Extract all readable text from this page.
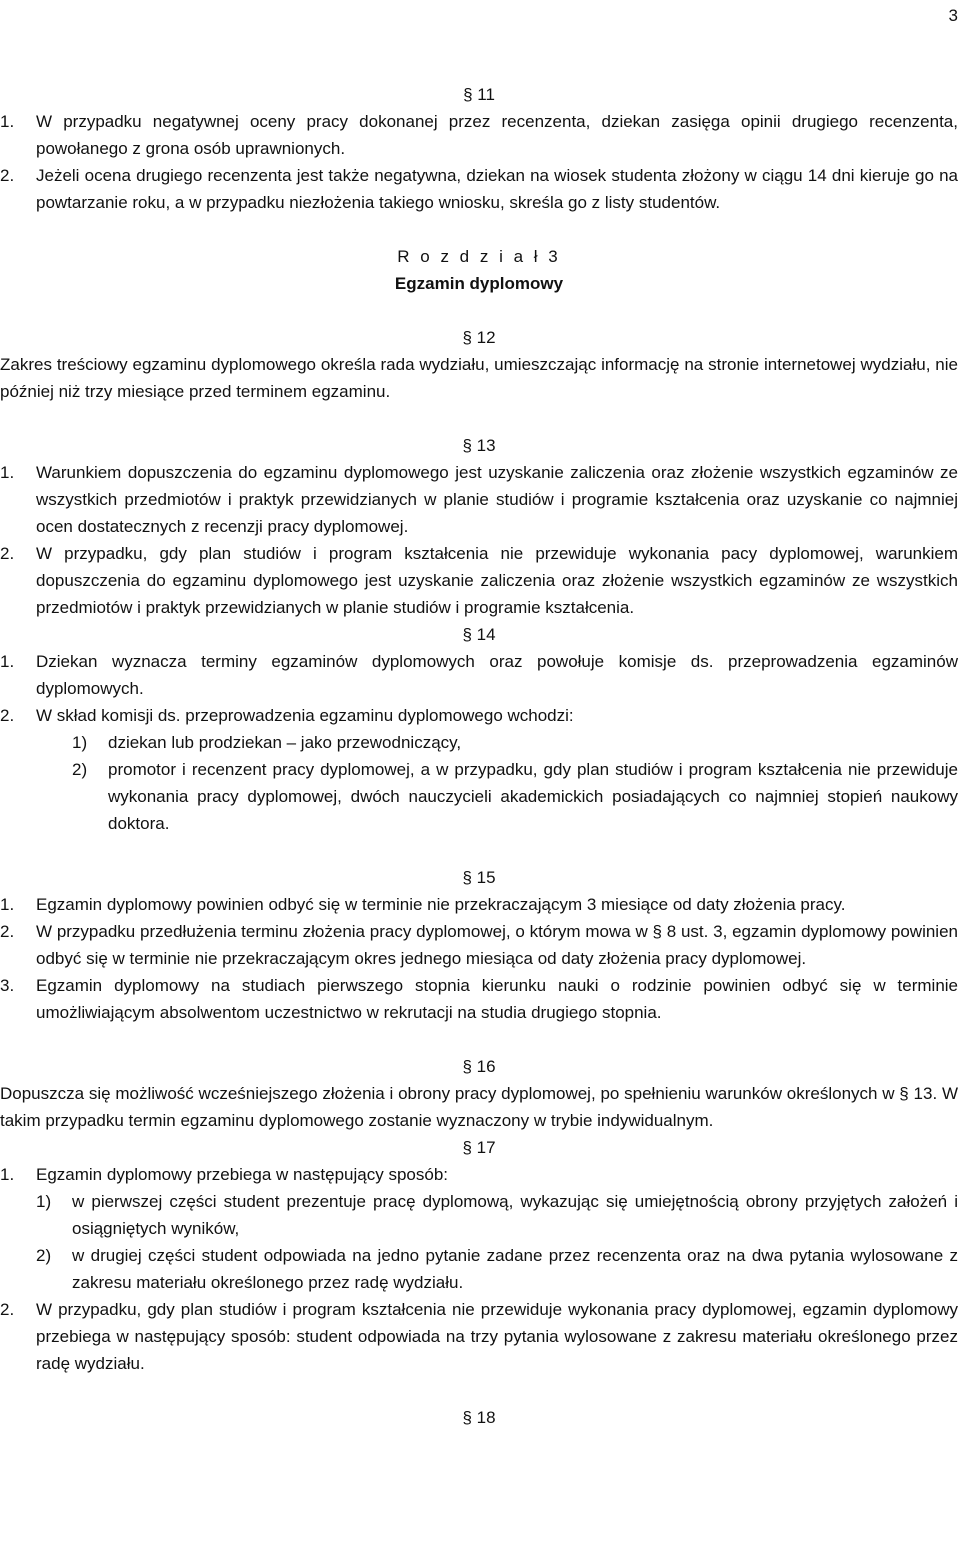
3

§ 11

1. W przypadku negatywnej oceny pracy dokonanej przez recenzenta, dziekan zasięga opinii drugiego recenzenta, powołanego z grona osób uprawnionych.
2. Jeżeli ocena drugiego recenzenta jest także negatywna, dziekan na wiosek studenta złożony w ciągu 14 dni kieruje go na powtarzanie roku, a w przypadku niezłożenia takiego wniosku, skreśla go z listy studentów.

R o z d z i a ł 3

Egzamin dyplomowy

§ 12

Zakres treściowy egzaminu dyplomowego określa rada wydziału, umieszczając informację na stronie internetowej wydziału, nie później niż trzy miesiące przed terminem egzaminu.

§ 13

1. Warunkiem dopuszczenia do egzaminu dyplomowego jest uzyskanie zaliczenia oraz złożenie wszystkich egzaminów ze wszystkich przedmiotów i praktyk przewidzianych w planie studiów i programie kształcenia oraz uzyskanie co najmniej ocen dostatecznych z recenzji pracy dyplomowej.
2. W przypadku, gdy plan studiów i program kształcenia nie przewiduje wykonania pacy dyplomowej, warunkiem dopuszczenia do egzaminu dyplomowego jest uzyskanie zaliczenia oraz złożenie wszystkich egzaminów ze wszystkich przedmiotów i praktyk przewidzianych w planie studiów i programie kształcenia.

§ 14

1. Dziekan wyznacza terminy egzaminów dyplomowych oraz powołuje komisje ds. przeprowadzenia egzaminów dyplomowych.
2. W skład komisji ds. przeprowadzenia egzaminu dyplomowego wchodzi:
1) dziekan lub prodziekan – jako przewodniczący,
2) promotor i recenzent pracy dyplomowej, a w przypadku, gdy plan studiów i program kształcenia nie przewiduje wykonania pracy dyplomowej, dwóch nauczycieli akademickich posiadających co najmniej stopień naukowy doktora.

§ 15

1. Egzamin dyplomowy powinien odbyć się w terminie nie przekraczającym 3 miesiące od daty złożenia pracy.
2. W przypadku przedłużenia terminu złożenia pracy dyplomowej, o którym mowa w § 8 ust. 3, egzamin dyplomowy powinien odbyć się w terminie nie przekraczającym okres jednego miesiąca od daty złożenia pracy dyplomowej.
3. Egzamin dyplomowy na studiach pierwszego stopnia kierunku nauki o rodzinie powinien odbyć się w terminie umożliwiającym absolwentom uczestnictwo w rekrutacji na studia drugiego stopnia.

§ 16

Dopuszcza się możliwość wcześniejszego złożenia i obrony pracy dyplomowej, po spełnieniu warunków określonych w § 13. W takim przypadku termin egzaminu dyplomowego zostanie wyznaczony w trybie indywidualnym.

§ 17

1. Egzamin dyplomowy przebiega w następujący sposób:
1) w pierwszej części student prezentuje pracę dyplomową, wykazując się umiejętnością obrony przyjętych założeń i osiągniętych wyników,
2) w drugiej części student odpowiada na jedno pytanie zadane przez recenzenta oraz na dwa pytania wylosowane z zakresu materiału określonego przez radę wydziału.
2. W przypadku, gdy plan studiów i program kształcenia nie przewiduje wykonania pracy dyplomowej, egzamin dyplomowy przebiega w następujący sposób: student odpowiada na trzy pytania wylosowane z zakresu materiału określonego przez radę wydziału.

§ 18
